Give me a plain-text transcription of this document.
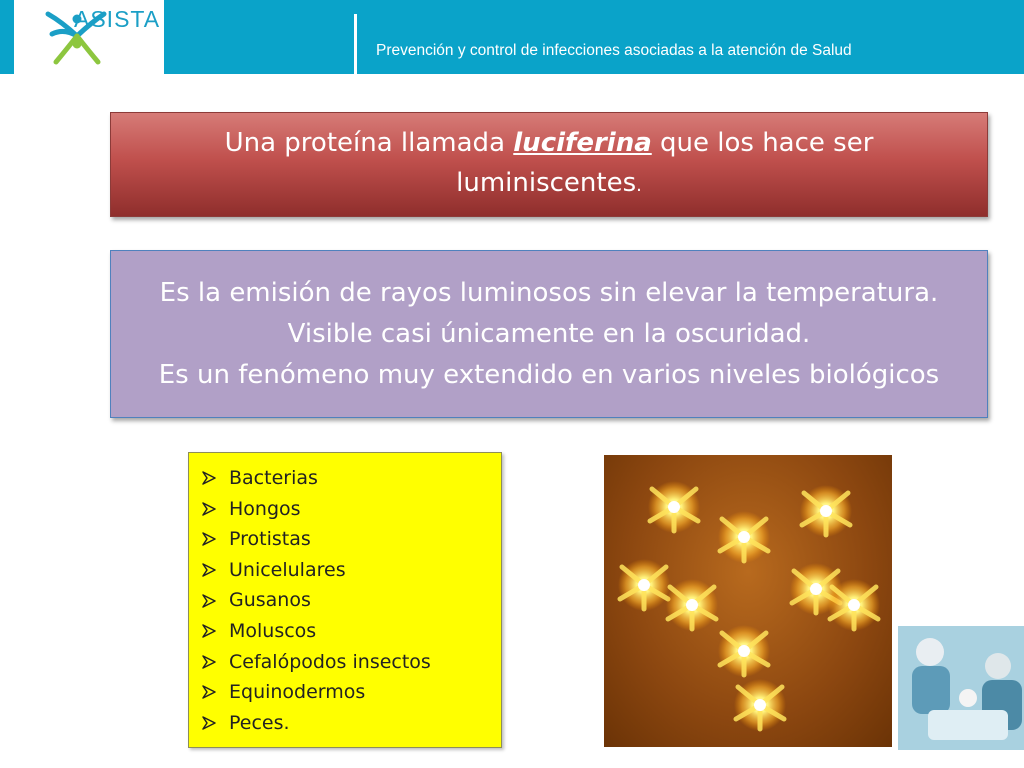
ASISTA
Prevención y control de infecciones asociadas a la atención de Salud
Una proteína llamada luciferina que los hace ser luminiscentes.
Es la emisión de rayos luminosos sin elevar la temperatura.
Visible casi únicamente en la oscuridad.
Es un fenómeno muy extendido en varios niveles biológicos
Bacterias
Hongos
Protistas
Unicelulares
Gusanos
Moluscos
Cefalópodos insectos
Equinodermos
Peces.
